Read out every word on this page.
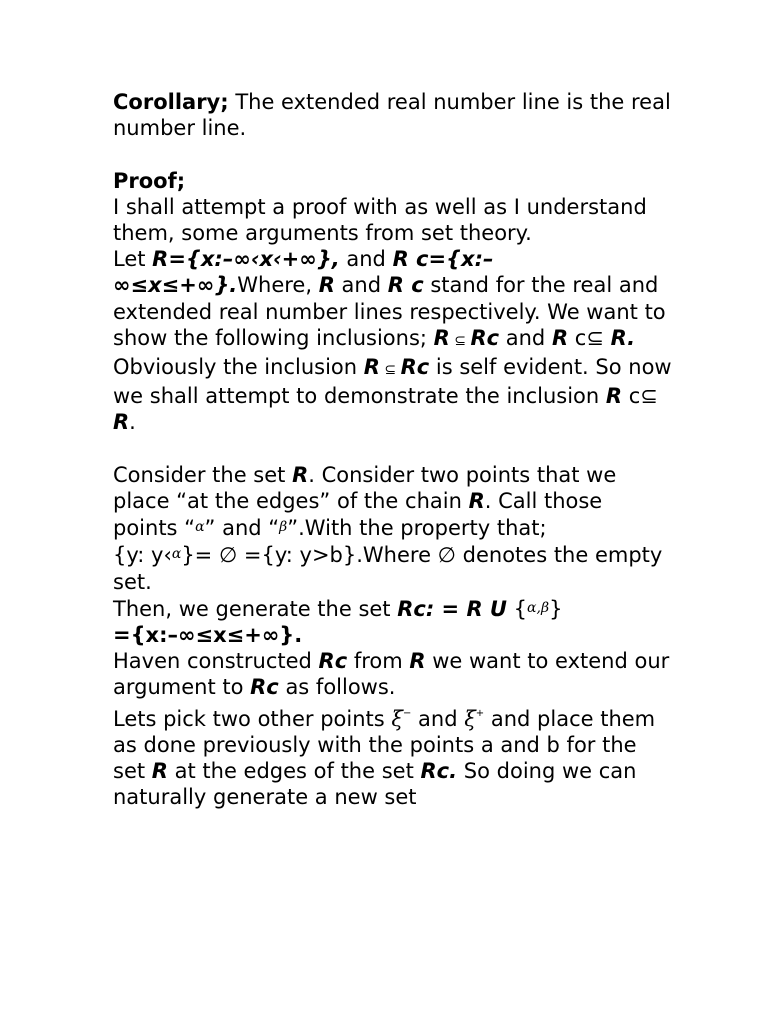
Corollary; The extended real number line is the real number line.

Proof;

I shall attempt a proof with as well as I understand them, some arguments from set theory.

Let R={x:–∞‹x‹+∞}, and R c={x:–∞≤x≤+∞}.Where, R and R c stand for the real and extended real number lines respectively. We want to show the following inclusions; R ⊆ Rc and R c⊆ R.

Obviously the inclusion R ⊆ Rc is self evident. So now we shall attempt to demonstrate the inclusion R c⊆ R.

Consider the set R. Consider two points that we place “at the edges” of the chain R. Call those points “α” and “β”.With the property that;
{y: y‹α}= ∅ ={y: y>b}.Where ∅ denotes the empty set.

Then, we generate the set Rc: = R U {α,β}
={x:–∞≤x≤+∞}.

Haven constructed Rc from R we want to extend our argument to Rc as follows.

Lets pick two other points ξ− and ξ+ and place them as done previously with the points a and b for the set R at the edges of the set Rc. So doing we can naturally generate a new set
